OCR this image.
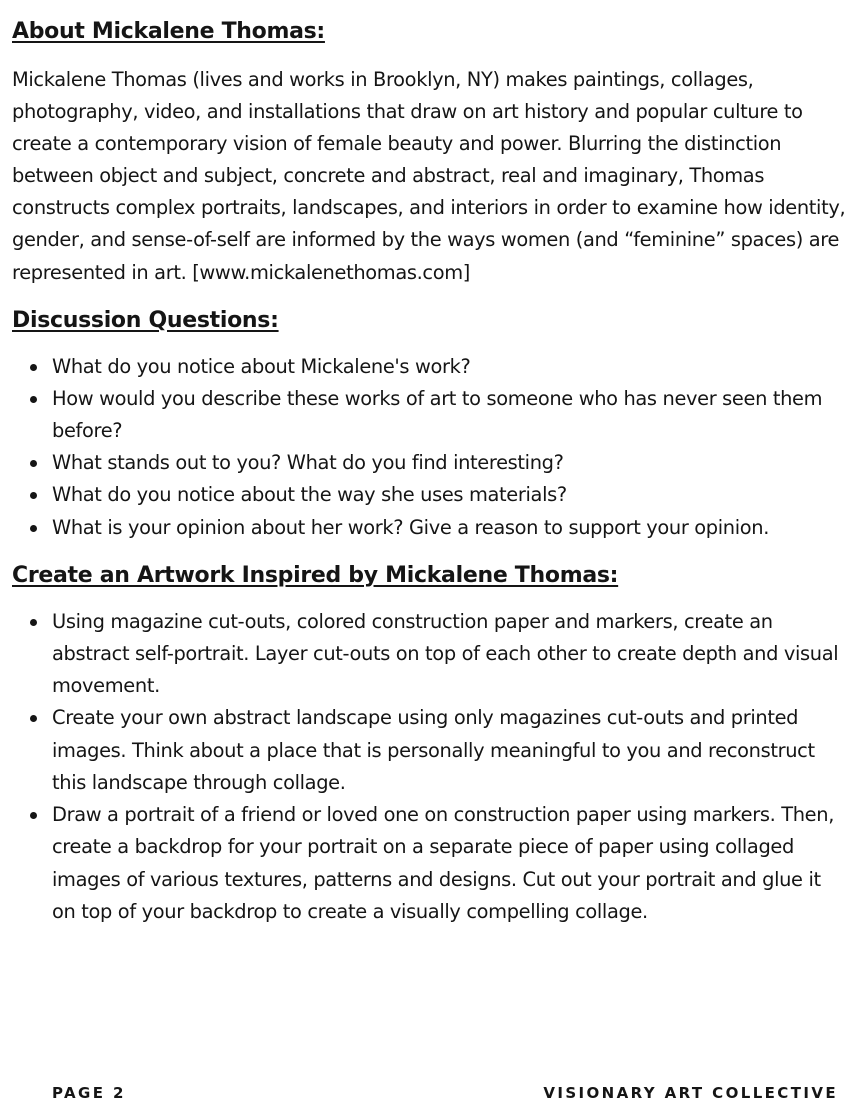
About Mickalene Thomas:

Mickalene Thomas (lives and works in Brooklyn, NY) makes paintings, collages, photography, video, and installations that draw on art history and popular culture to create a contemporary vision of female beauty and power. Blurring the distinction between object and subject, concrete and abstract, real and imaginary, Thomas constructs complex portraits, landscapes, and interiors in order to examine how identity, gender, and sense-of-self are informed by the ways women (and “feminine” spaces) are represented in art. [www.mickalenethomas.com]

Discussion Questions:
What do you notice about Mickalene's work?
How would you describe these works of art to someone who has never seen them before?
What stands out to you? What do you find interesting?
What do you notice about the way she uses materials?
What is your opinion about her work? Give a reason to support your opinion.
Create an Artwork Inspired by Mickalene Thomas:
Using magazine cut-outs, colored construction paper and markers, create an abstract self-portrait. Layer cut-outs on top of each other to create depth and visual movement.
Create your own abstract landscape using only magazines cut-outs and printed images. Think about a place that is personally meaningful to you and reconstruct this landscape through collage.
Draw a portrait of a friend or loved one on construction paper using markers. Then, create a backdrop for your portrait on a separate piece of paper using collaged images of various textures, patterns and designs. Cut out your portrait and glue it on top of your backdrop to create a visually compelling collage.
PAGE 2	VISIONARY ART COLLECTIVE
